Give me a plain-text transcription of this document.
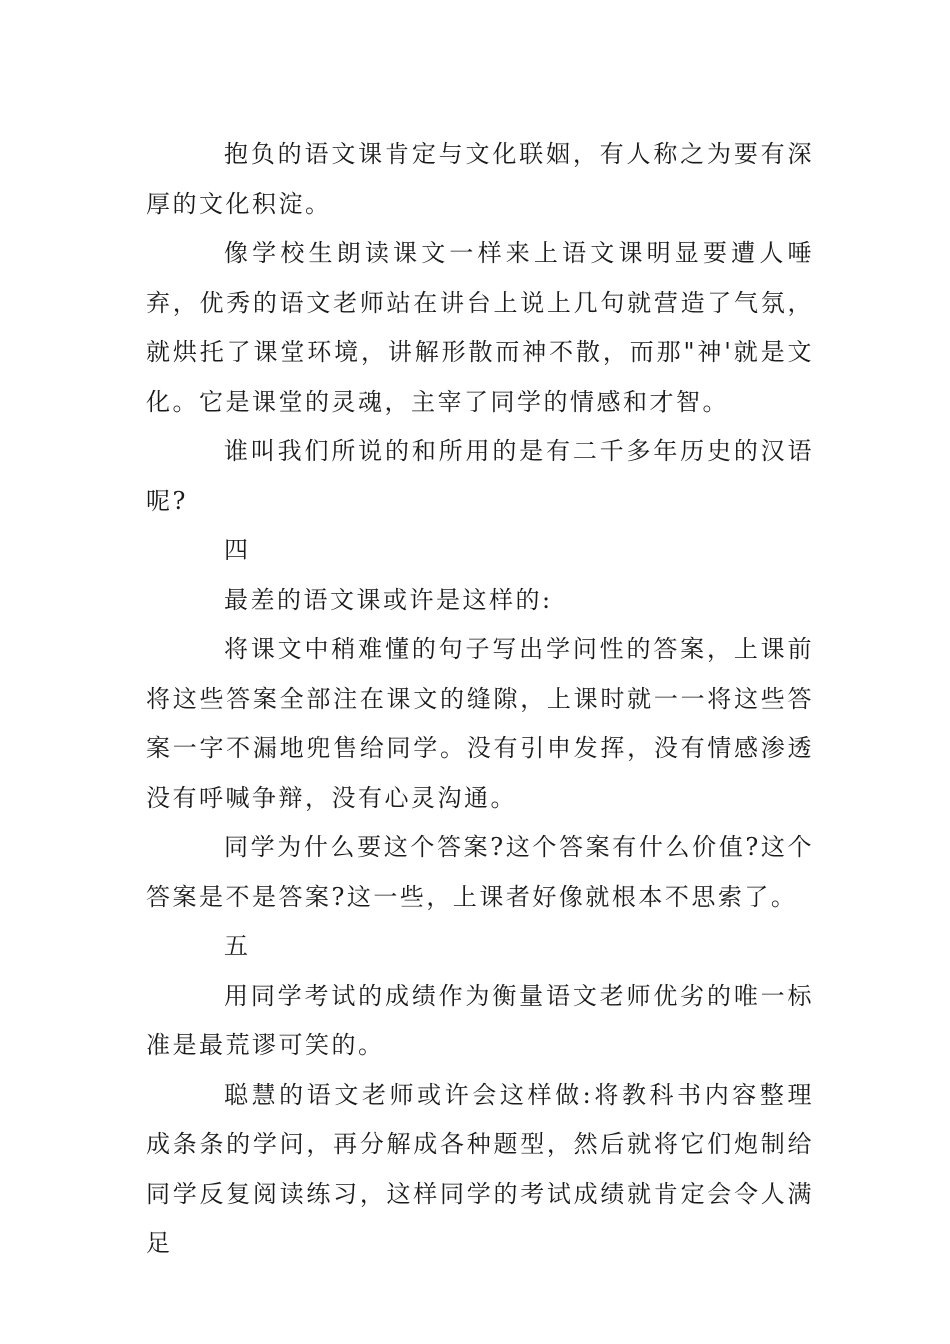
抱负的语文课肯定与文化联姻，有人称之为要有深厚的文化积淀。

像学校生朗读课文一样来上语文课明显要遭人唾弃，优秀的语文老师站在讲台上说上几句就营造了气氛，就烘托了课堂环境，讲解形散而神不散，而那"神'就是文化。它是课堂的灵魂，主宰了同学的情感和才智。

谁叫我们所说的和所用的是有二千多年历史的汉语呢?

四

最差的语文课或许是这样的:

将课文中稍难懂的句子写出学问性的答案，上课前将这些答案全部注在课文的缝隙，上课时就一一将这些答案一字不漏地兜售给同学。没有引申发挥，没有情感渗透没有呼喊争辩，没有心灵沟通。

同学为什么要这个答案?这个答案有什么价值?这个答案是不是答案?这一些，上课者好像就根本不思索了。

五

用同学考试的成绩作为衡量语文老师优劣的唯一标准是最荒谬可笑的。

聪慧的语文老师或许会这样做:将教科书内容整理成条条的学问，再分解成各种题型，然后就将它们炮制给同学反复阅读练习，这样同学的考试成绩就肯定会令人满足
